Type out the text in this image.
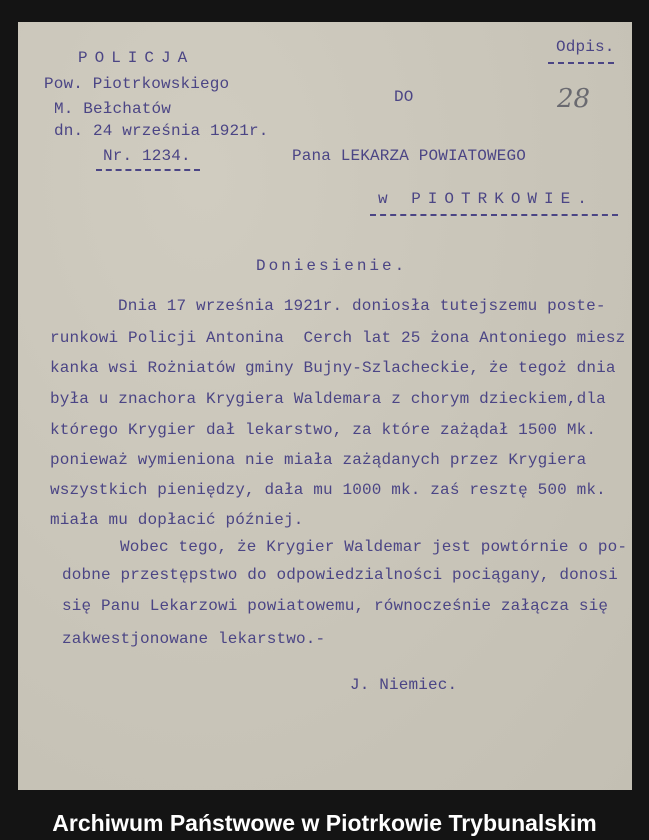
POLICJA
Pow. Piotrkowskiego
M. Bełchatów
dn. 24 września 1921r.
Nr. 1234.
Odpis.
DO	28
Pana LEKARZA POWIATOWEGO
w PIOTRKOWIE.
Doniesienie.
Dnia 17 września 1921r. doniosła tutejszemu poste-
runkowi Policji Antonina  Cerch lat 25 żona Antoniego miesz
kanka wsi Rożniatów gminy Bujny-Szlacheckie, że tegoż dnia
była u znachora Krygiera Waldemara z chorym dzieckiem,dla
którego Krygier dał lekarstwo, za które zażądał 1500 Mk.
ponieważ wymieniona nie miała zażądanych przez Krygiera
wszystkich pieniędzy, dała mu 1000 mk. zaś resztę 500 mk.
miała mu dopłacić później.
Wobec tego, że Krygier Waldemar jest powtórnie o po-
dobne przestępstwo do odpowiedzialności pociągany, donosi
się Panu Lekarzowi powiatowemu, równocześnie załącza się
zakwestjonowane lekarstwo.-
J. Niemiec.
Archiwum Państwowe w Piotrkowie Trybunalskim
